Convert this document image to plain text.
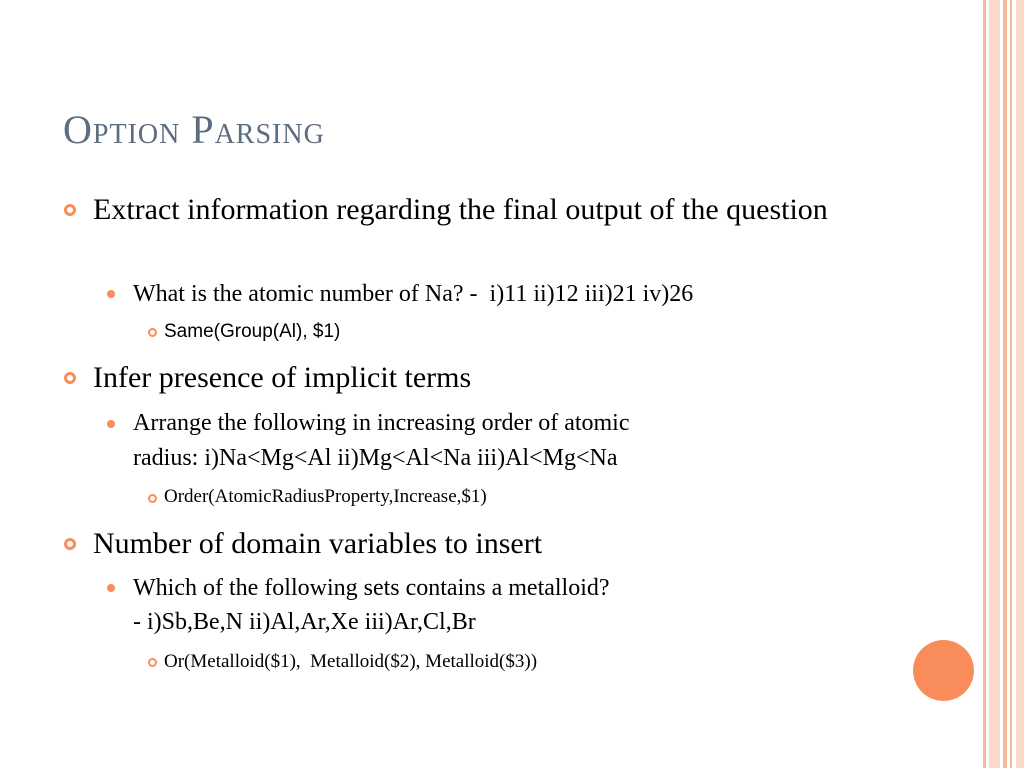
Option Parsing

Extract information regarding the final output of the question

What is the atomic number of Na? -  i)11 ii)12 iii)21 iv)26

Same(Group(Al), $1)

Infer presence of implicit terms

Arrange the following in increasing order of atomic

radius: i)Na<Mg<Al ii)Mg<Al<Na iii)Al<Mg<Na

Order(AtomicRadiusProperty,Increase,$1)

Number of domain variables to insert

Which of the following sets contains a metalloid?

- i)Sb,Be,N ii)Al,Ar,Xe iii)Ar,Cl,Br

Or(Metalloid($1),  Metalloid($2), Metalloid($3))
